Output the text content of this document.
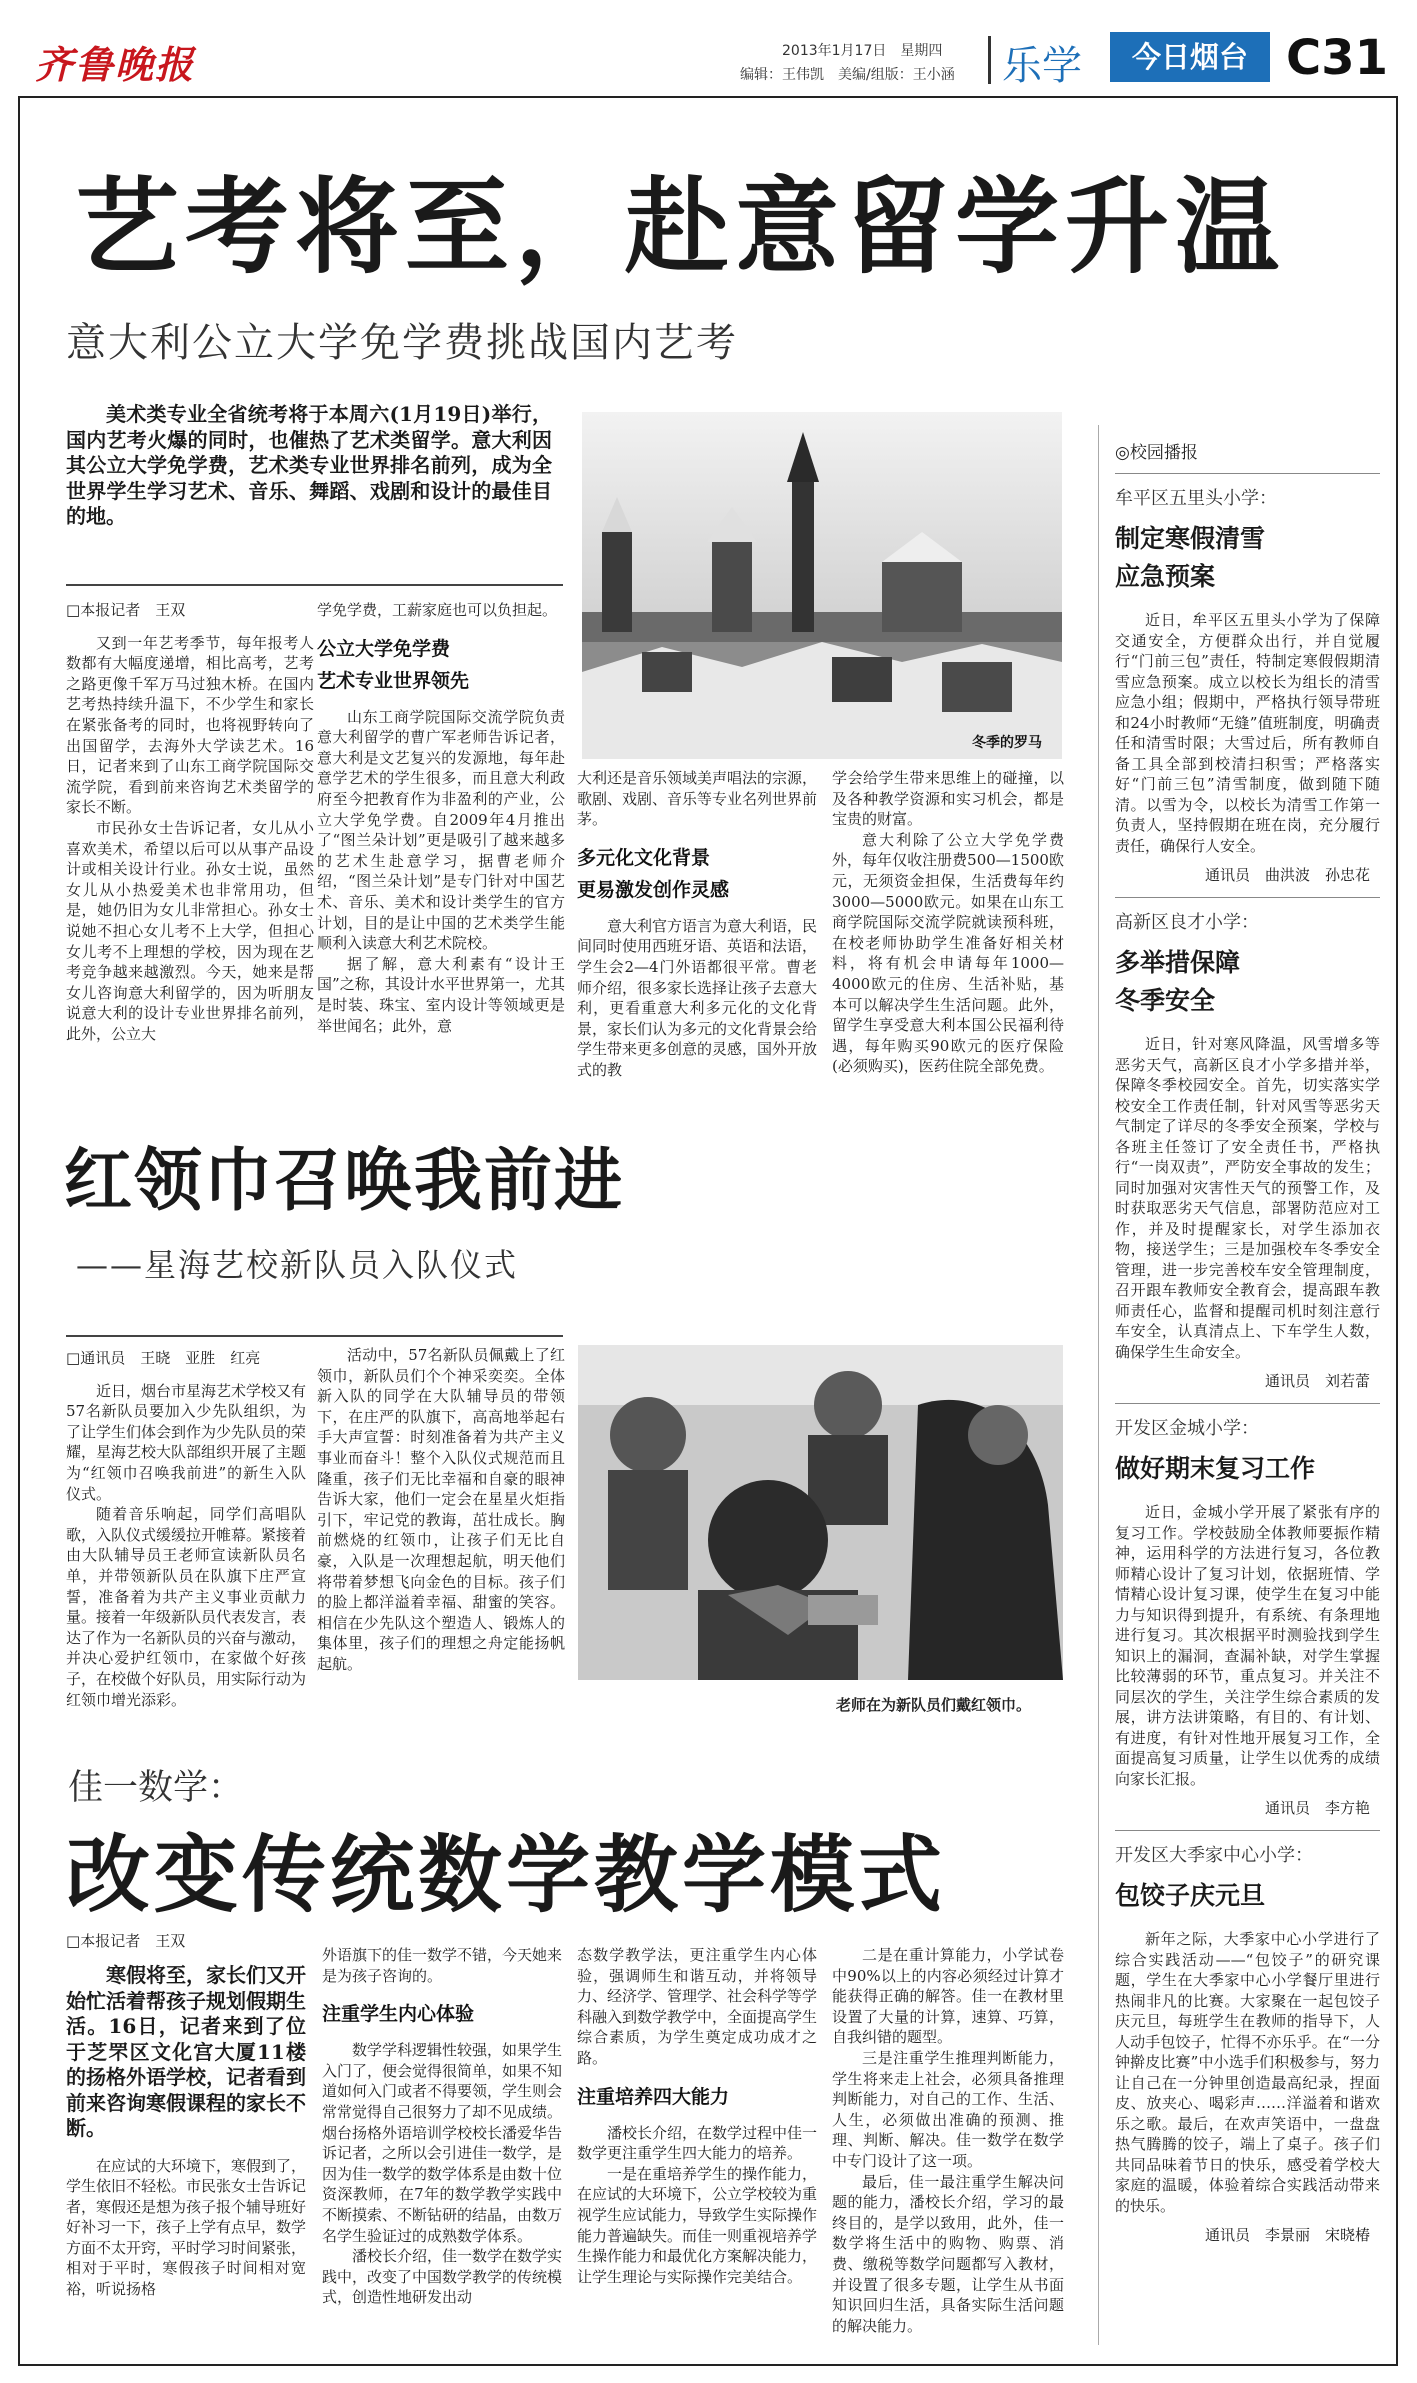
齐鲁晚报	2013年1月17日　星期四
编辑：王伟凯　美编/组版：王小涵 乐学	今日烟台 C31
艺考将至，赴意留学升温
意大利公立大学免学费挑战国内艺考
美术类专业全省统考将于本周六(1月19日)举行，国内艺考火爆的同时，也催热了艺术类留学。意大利因其公立大学免学费，艺术类专业世界排名前列，成为全世界学生学习艺术、音乐、舞蹈、戏剧和设计的最佳目的地。
冬季的罗马
□本报记者　王双

又到一年艺考季节，每年报考人数都有大幅度递增，相比高考，艺考之路更像千军万马过独木桥。在国内艺考热持续升温下，不少学生和家长在紧张备考的同时，也将视野转向了出国留学，去海外大学读艺术。16日，记者来到了山东工商学院国际交流学院，看到前来咨询艺术类留学的家长不断。

市民孙女士告诉记者，女儿从小喜欢美术，希望以后可以从事产品设计或相关设计行业。孙女士说，虽然女儿从小热爱美术也非常用功，但是，她仍旧为女儿非常担心。孙女士说她不担心女儿考不上大学，但担心女儿考不上理想的学校，因为现在艺考竞争越来越激烈。今天，她来是帮女儿咨询意大利留学的，因为听朋友说意大利的设计专业世界排名前列，此外，公立大

学免学费，工薪家庭也可以负担起。

公立大学免学费
艺术专业世界领先

山东工商学院国际交流学院负责意大利留学的曹广军老师告诉记者，意大利是文艺复兴的发源地，每年赴意学艺术的学生很多，而且意大利政府至今把教育作为非盈利的产业，公立大学免学费。自2009年4月推出了“图兰朵计划”更是吸引了越来越多的艺术生赴意学习，据曹老师介绍，“图兰朵计划”是专门针对中国艺术、音乐、美术和设计类学生的官方计划，目的是让中国的艺术类学生能顺利入读意大利艺术院校。

据了解，意大利素有“设计王国”之称，其设计水平世界第一，尤其是时装、珠宝、室内设计等领域更是举世闻名；此外，意

大利还是音乐领域美声唱法的宗源，歌剧、戏剧、音乐等专业名列世界前茅。

多元化文化背景
更易激发创作灵感

意大利官方语言为意大利语，民间同时使用西班牙语、英语和法语，学生会2—4门外语都很平常。曹老师介绍，很多家长选择让孩子去意大利，更看重意大利多元化的文化背景，家长们认为多元的文化背景会给学生带来更多创意的灵感，国外开放式的教

学会给学生带来思维上的碰撞，以及各种教学资源和实习机会，都是宝贵的财富。

意大利除了公立大学免学费外，每年仅收注册费500—1500欧元，无须资金担保，生活费每年约3000—5000欧元。如果在山东工商学院国际交流学院就读预科班，在校老师协助学生准备好相关材料，将有机会申请每年1000—4000欧元的住房、生活补贴，基本可以解决学生生活问题。此外，留学生享受意大利本国公民福利待遇，每年购买90欧元的医疗保险(必须购买)，医药住院全部免费。

◎校园播报
牟平区五里头小学：
制定寒假清雪
应急预案

近日，牟平区五里头小学为了保障交通安全，方便群众出行，并自觉履行“门前三包”责任，特制定寒假假期清雪应急预案。成立以校长为组长的清雪应急小组；假期中，严格执行领导带班和24小时教师“无缝”值班制度，明确责任和清雪时限；大雪过后，所有教师自备工具全部到校清扫积雪；严格落实好“门前三包”清雪制度，做到随下随清。以雪为令，以校长为清雪工作第一负责人，坚持假期在班在岗，充分履行责任，确保行人安全。

通讯员　曲洪波　孙忠花
高新区良才小学：
多举措保障
冬季安全

近日，针对寒风降温，风雪增多等恶劣天气，高新区良才小学多措并举，保障冬季校园安全。首先，切实落实学校安全工作责任制，针对风雪等恶劣天气制定了详尽的冬季安全预案，学校与各班主任签订了安全责任书，严格执行“一岗双责”，严防安全事故的发生；同时加强对灾害性天气的预警工作，及时获取恶劣天气信息，部署防范应对工作，并及时提醒家长，对学生添加衣物，接送学生；三是加强校车冬季安全管理，进一步完善校车安全管理制度，召开跟车教师安全教育会，提高跟车教师责任心，监督和提醒司机时刻注意行车安全，认真清点上、下车学生人数，确保学生生命安全。

通讯员　刘若蕾
开发区金城小学：
做好期末复习工作

近日，金城小学开展了紧张有序的复习工作。学校鼓励全体教师要振作精神，运用科学的方法进行复习，各位教师精心设计了复习计划，依据班情、学情精心设计复习课，使学生在复习中能力与知识得到提升，有系统、有条理地进行复习。其次根据平时测验找到学生知识上的漏洞，查漏补缺，对学生掌握比较薄弱的环节，重点复习。并关注不同层次的学生，关注学生综合素质的发展，讲方法讲策略，有目的、有计划、有进度，有针对性地开展复习工作，全面提高复习质量，让学生以优秀的成绩向家长汇报。

通讯员　李方艳
开发区大季家中心小学：
包饺子庆元旦

新年之际，大季家中心小学进行了综合实践活动——“包饺子”的研究课题，学生在大季家中心小学餐厅里进行热闹非凡的比赛。大家聚在一起包饺子庆元旦，每班学生在教师的指导下，人人动手包饺子，忙得不亦乐乎。在“一分钟擀皮比赛”中小选手们积极参与，努力让自己在一分钟里创造最高纪录，捏面皮、放夹心、喝彩声……洋溢着和谐欢乐之歌。最后，在欢声笑语中，一盘盘热气腾腾的饺子，端上了桌子。孩子们共同品味着节日的快乐，感受着学校大家庭的温暖，体验着综合实践活动带来的快乐。

通讯员　李景丽　宋晓椿
红领巾召唤我前进
——星海艺校新队员入队仪式
□通讯员　王晓　亚胜　红亮

近日，烟台市星海艺术学校又有57名新队员要加入少先队组织，为了让学生们体会到作为少先队员的荣耀，星海艺校大队部组织开展了主题为“红领巾召唤我前进”的新生入队仪式。

随着音乐响起，同学们高唱队歌，入队仪式缓缓拉开帷幕。紧接着由大队辅导员王老师宣读新队员名单，并带领新队员在队旗下庄严宣誓，准备着为共产主义事业贡献力量。接着一年级新队员代表发言，表达了作为一名新队员的兴奋与激动，并决心爱护红领巾，在家做个好孩子，在校做个好队员，用实际行动为红领巾增光添彩。

活动中，57名新队员佩戴上了红领巾，新队员们个个神采奕奕。全体新入队的同学在大队辅导员的带领下，在庄严的队旗下，高高地举起右手大声宣誓：时刻准备着为共产主义事业而奋斗！整个入队仪式规范而且隆重，孩子们无比幸福和自豪的眼神告诉大家，他们一定会在星星火炬指引下，牢记党的教诲，茁壮成长。胸前燃烧的红领巾，让孩子们无比自豪，入队是一次理想起航，明天他们将带着梦想飞向金色的目标。孩子们的脸上都洋溢着幸福、甜蜜的笑容。相信在少先队这个塑造人、锻炼人的集体里，孩子们的理想之舟定能扬帆起航。

老师在为新队员们戴红领巾。
佳一数学：
改变传统数学教学模式
□本报记者　王双
寒假将至，家长们又开始忙活着帮孩子规划假期生活。16日，记者来到了位于芝罘区文化宫大厦11楼的扬格外语学校，记者看到前来咨询寒假课程的家长不断。

在应试的大环境下，寒假到了，学生依旧不轻松。市民张女士告诉记者，寒假还是想为孩子报个辅导班好好补习一下，孩子上学有点早，数学方面不太开窍，平时学习时间紧张，相对于平时，寒假孩子时间相对宽裕，听说扬格

外语旗下的佳一数学不错，今天她来是为孩子咨询的。

注重学生内心体验

数学学科逻辑性较强，如果学生入门了，便会觉得很简单，如果不知道如何入门或者不得要领，学生则会常常觉得自己很努力了却不见成绩。烟台扬格外语培训学校校长潘爱华告诉记者，之所以会引进佳一数学，是因为佳一数学的数学体系是由数十位资深教师，在7年的数学教学实践中不断摸索、不断钻研的结晶，由数万名学生验证过的成熟数学体系。

潘校长介绍，佳一数学在数学实践中，改变了中国数学教学的传统模式，创造性地研发出动

态数学教学法，更注重学生内心体验，强调师生和谐互动，并将领导力、经济学、管理学、社会科学等学科融入到数学教学中，全面提高学生综合素质，为学生奠定成功成才之路。

注重培养四大能力

潘校长介绍，在数学过程中佳一数学更注重学生四大能力的培养。

一是在重培养学生的操作能力，在应试的大环境下，公立学校较为重视学生应试能力，导致学生实际操作能力普遍缺失。而佳一则重视培养学生操作能力和最优化方案解决能力，让学生理论与实际操作完美结合。

二是在重计算能力，小学试卷中90%以上的内容必须经过计算才能获得正确的解答。佳一在教材里设置了大量的计算，速算、巧算，自我纠错的题型。

三是注重学生推理判断能力，学生将来走上社会，必须具备推理判断能力，对自己的工作、生活、人生，必须做出准确的预测、推理、判断、解决。佳一数学在数学中专门设计了这一项。

最后，佳一最注重学生解决问题的能力，潘校长介绍，学习的最终目的，是学以致用，此外，佳一数学将生活中的购物、购票、消费、缴税等数学问题都写入教材，并设置了很多专题，让学生从书面知识回归生活，具备实际生活问题的解决能力。
